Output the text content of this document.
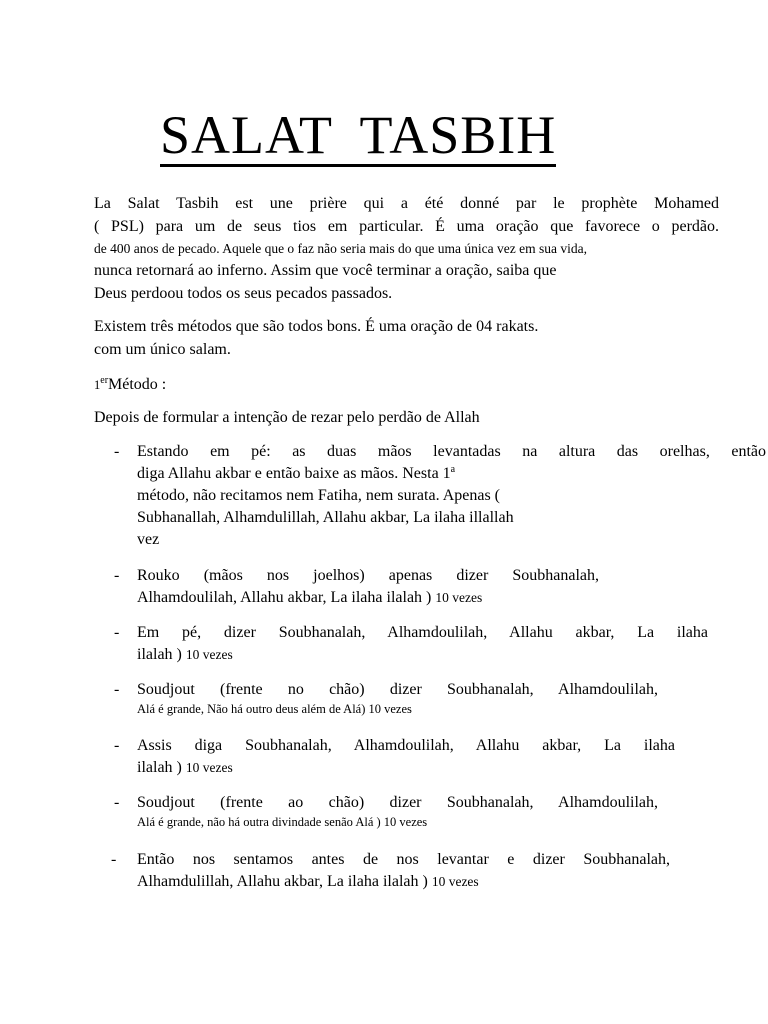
SALAT TASBIH
La Salat Tasbih est une prière qui a été donné par le prophète Mohamed
( PSL) para um de seus tios em particular. É uma oração que favorece o perdão.
de 400 anos de pecado. Aquele que o faz não seria mais do que uma única vez em sua vida,
nunca retornará ao inferno. Assim que você terminar a oração, saiba que
Deus perdoou todos os seus pecados passados.
Existem três métodos que são todos bons. É uma oração de 04 rakats.
com um único salam.
1erMétodo :
Depois de formular a intenção de rezar pelo perdão de Allah
- Estando em pé: as duas mãos levantadas na altura das orelhas, então
diga Allahu akbar e então baixe as mãos. Nesta 1$^a$
método, não recitamos nem Fatiha, nem surata. Apenas (
Subhanallah, Alhamdulillah, Allahu akbar, La ilaha illallah
vez
- Rouko (mãos nos joelhos) apenas dizer Soubhanalah,
Alhamdoulilah, Allahu akbar, La ilaha ilalah ) 10 vezes
- Em pé, dizer Soubhanalah, Alhamdoulilah, Allahu akbar, La ilaha
ilalah ) 10 vezes
- Soudjout (frente no chão) dizer Soubhanalah, Alhamdoulilah,
Alá é grande, Não há outro deus além de Alá) 10 vezes
- Assis diga Soubhanalah, Alhamdoulilah, Allahu akbar, La ilaha
ilalah ) 10 vezes
- Soudjout (frente ao chão) dizer Soubhanalah, Alhamdoulilah,
Alá é grande, não há outra divindade senão Alá ) 10 vezes
- Então nos sentamos antes de nos levantar e dizer Soubhanalah,
Alhamdulillah, Allahu akbar, La ilaha ilalah ) 10 vezes
